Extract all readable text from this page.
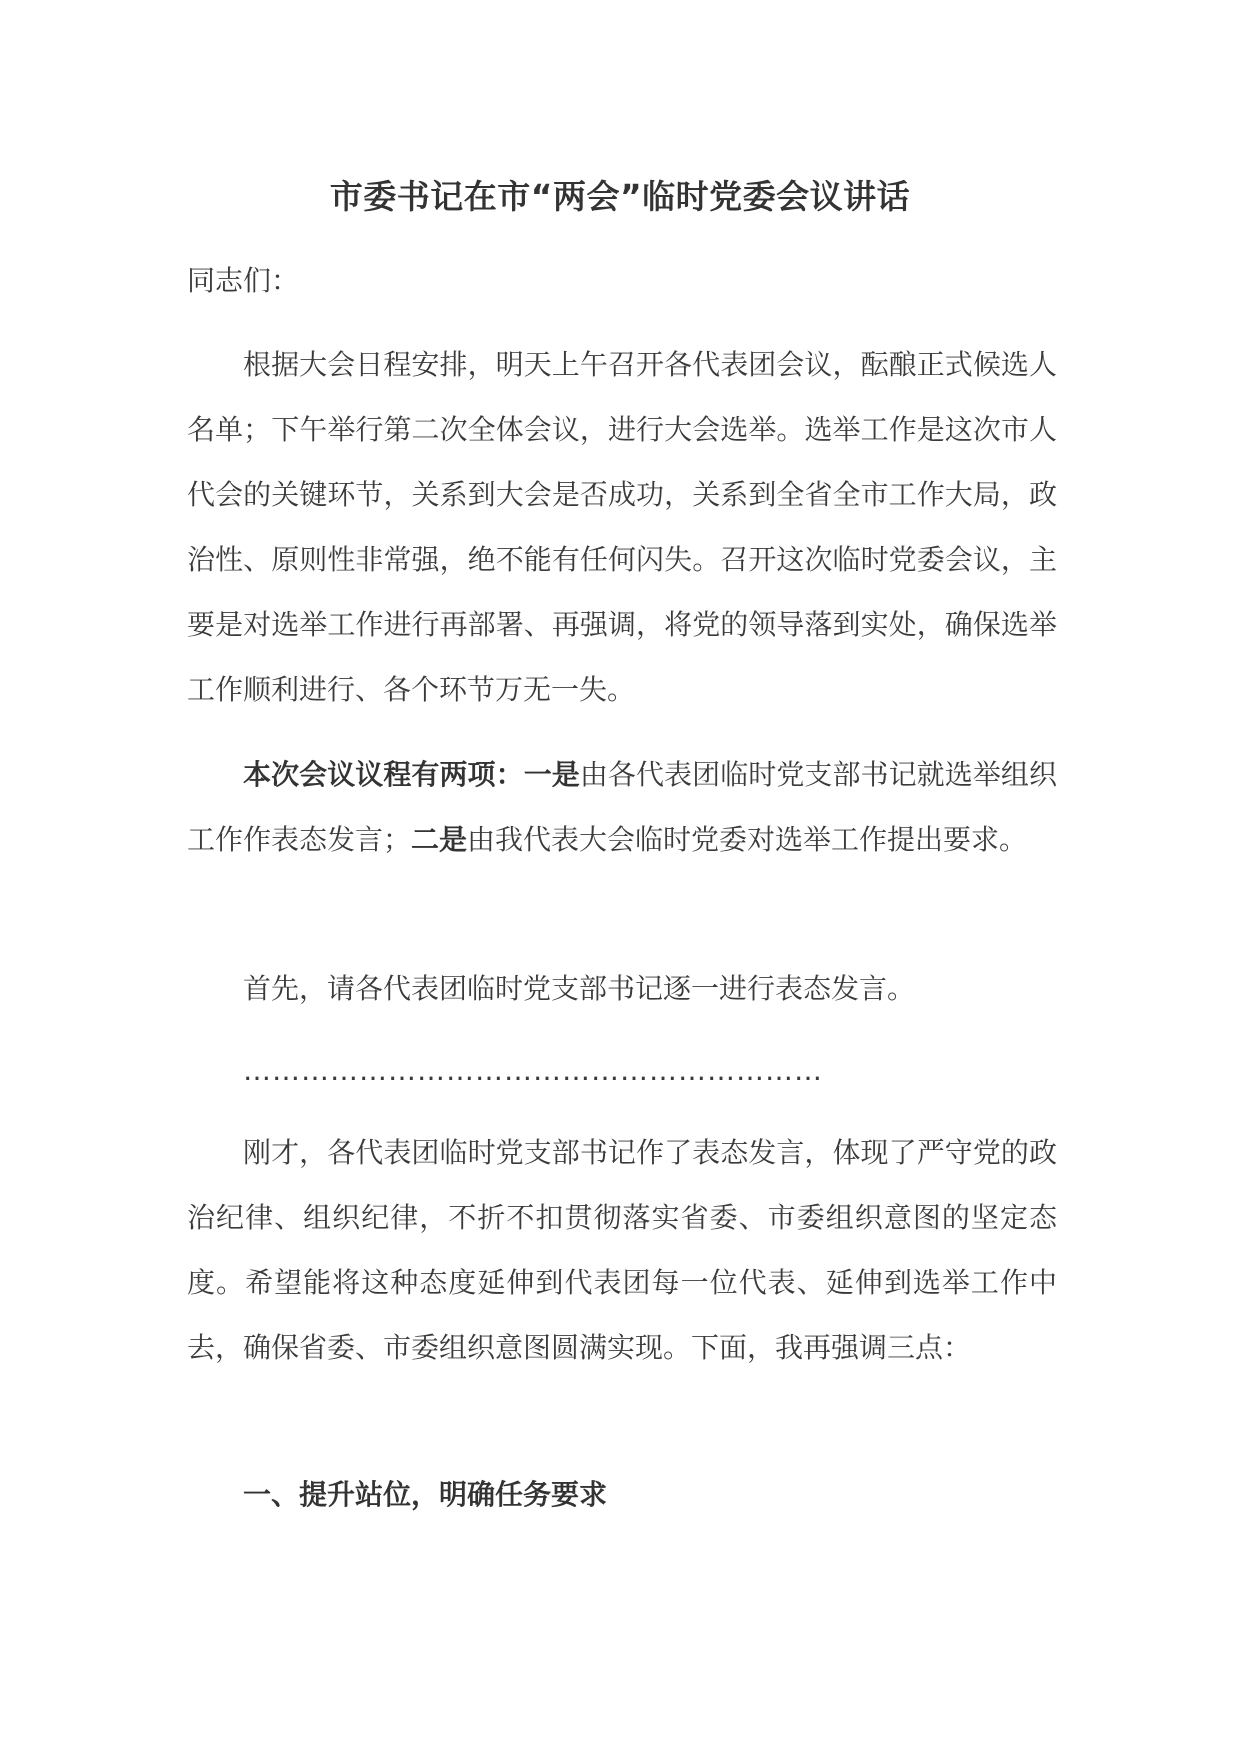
市委书记在市“两会”临时党委会议讲话

同志们：

根据大会日程安排，明天上午召开各代表团会议，酝酿正式候选人名单；下午举行第二次全体会议，进行大会选举。选举工作是这次市人代会的关键环节，关系到大会是否成功，关系到全省全市工作大局，政治性、原则性非常强，绝不能有任何闪失。召开这次临时党委会议，主要是对选举工作进行再部署、再强调，将党的领导落到实处，确保选举工作顺利进行、各个环节万无一失。

本次会议议程有两项：一是由各代表团临时党支部书记就选举组织工作作表态发言；二是由我代表大会临时党委对选举工作提出要求。

首先，请各代表团临时党支部书记逐一进行表态发言。

……………………………………………………

刚才，各代表团临时党支部书记作了表态发言，体现了严守党的政治纪律、组织纪律，不折不扣贯彻落实省委、市委组织意图的坚定态度。希望能将这种态度延伸到代表团每一位代表、延伸到选举工作中去，确保省委、市委组织意图圆满实现。下面，我再强调三点：

一、提升站位，明确任务要求
